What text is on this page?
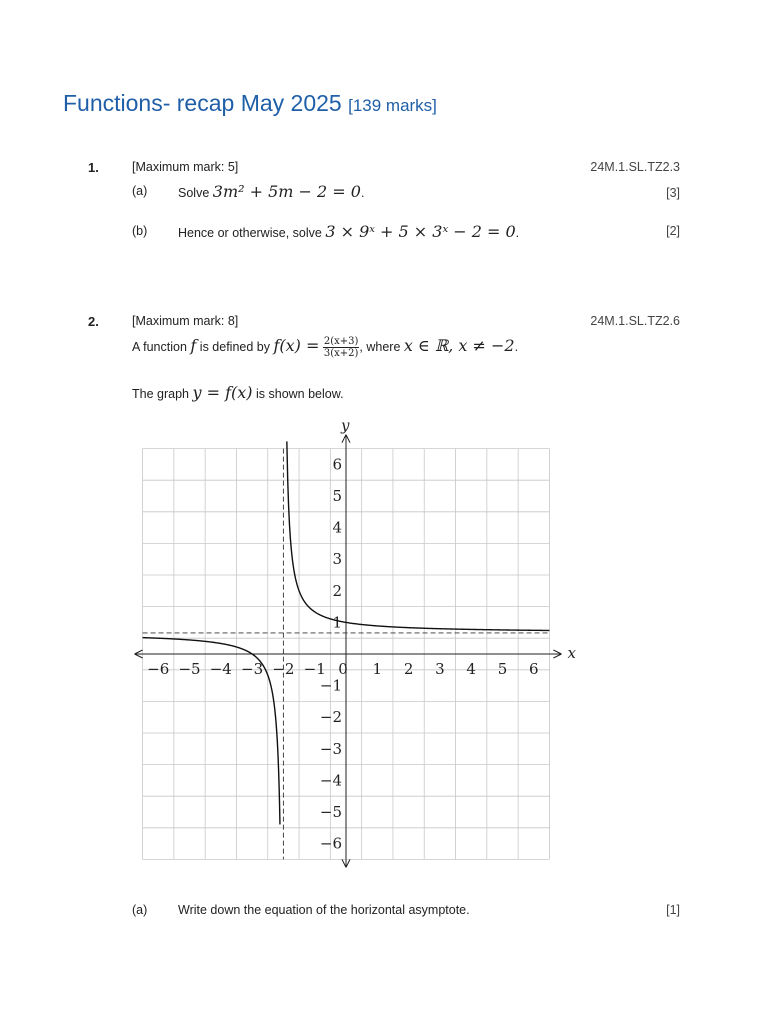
Functions- recap May 2025 [139 marks]
1.	[Maximum mark: 5]	24M.1.SL.TZ2.3
(a) Solve 3m² + 5m − 2 = 0.	[3]
(b) Hence or otherwise, solve 3 × 9ˣ + 5 × 3ˣ − 2 = 0.	[2]
2.	[Maximum mark: 8]	24M.1.SL.TZ2.6
A function f is defined by $f(x) = \frac{2(x+3)}{3(x+2)}$ , where x ∈ ℝ, x ≠ −2.
The graph y = f(x) is shown below.
x
y
−6 −5 −4 −3 −2 −1 0 1 2 3 4 5 6
6
5
4
3
2
1
−1
−2
−3
−4
−5
−6
(a) Write down the equation of the horizontal asymptote.	[1]
